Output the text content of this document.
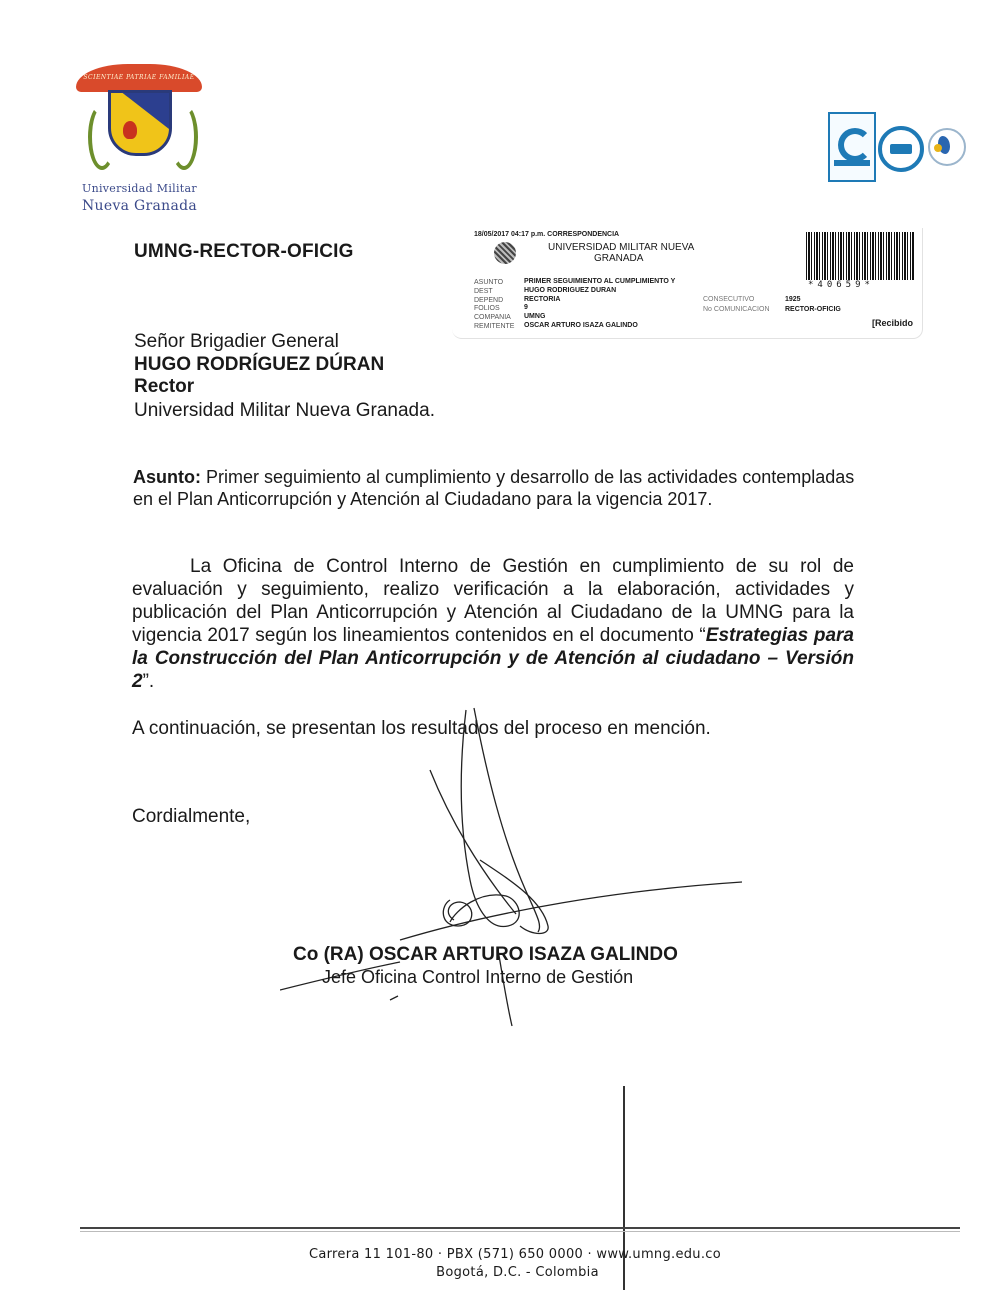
SCIENTIAE PATRIAE FAMILIAE
Universidad Militar
Nueva Granada
UMNG-RECTOR-OFICIG
18/05/2017 04:17 p.m. CORRESPONDENCIA
UNIVERSIDAD MILITAR NUEVA
GRANADA
ASUNTO
DEST
DEPEND
FOLIOS
COMPANIA
REMITENTE
PRIMER SEGUIMIENTO AL CUMPLIMIENTO Y
HUGO RODRIGUEZ DURAN
RECTORIA
9
UMNG
OSCAR ARTURO ISAZA GALINDO
CONSECUTIVO
No COMUNICACION
1925
RECTOR-OFICIG
*40659*
[Recibido
Señor Brigadier General
HUGO RODRÍGUEZ DÚRAN
Rector
Universidad Militar Nueva Granada.
Asunto: Primer seguimiento al cumplimiento y desarrollo de las actividades contempladas en el Plan Anticorrupción y Atención al Ciudadano para la vigencia 2017.
La Oficina de Control Interno de Gestión en cumplimiento de su rol de evaluación y seguimiento, realizo verificación a la elaboración, actividades y publicación del Plan Anticorrupción y Atención al Ciudadano de la UMNG para la vigencia 2017 según los lineamientos contenidos en el documento “Estrategias para la Construcción del Plan Anticorrupción y de Atención al ciudadano – Versión 2”.
A continuación, se presentan los resultados del proceso en mención.
Cordialmente,
Co (RA) OSCAR ARTURO ISAZA GALINDO
Jefe Oficina Control Interno de Gestión
Carrera 11 101-80 · PBX (571) 650 0000 · www.umng.edu.co
Bogotá, D.C. - Colombia
